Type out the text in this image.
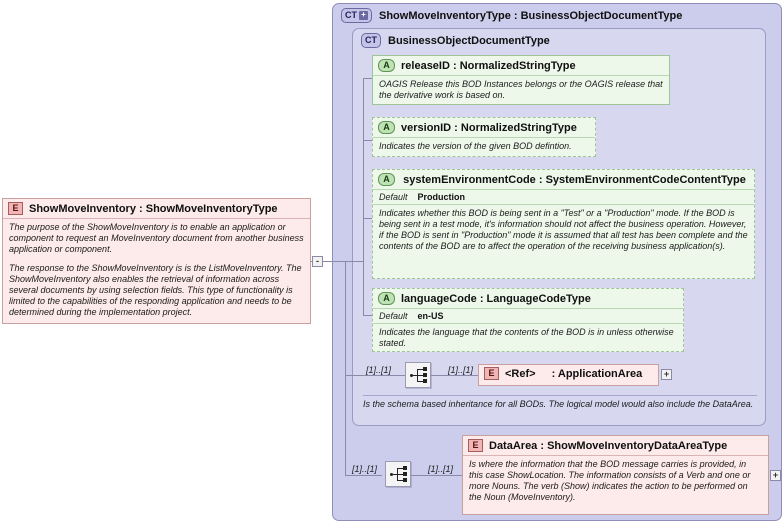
CT + ShowMoveInventoryType : BusinessObjectDocumentType
CT BusinessObjectDocumentType
Is the schema based inheritance for all BODs. The logical model would also include the DataArea.
-
E ShowMoveInventory : ShowMoveInventoryType
The purpose of the ShowMoveInventory is to enable an application or component to request an MoveInventory document from another business application or component.
The response to the ShowMoveInventory is is the ListMoveInventory. The ShowMoveInventory also enables the retrieval of information across several documents by using selection fields. This type of functionality is limited to the capabilities of the responding application and needs to be determined during the implementation project.
A	releaseID : NormalizedStringType
OAGIS Release this BOD Instances belongs or the OAGIS release that the derivative work is based on.
A	versionID : NormalizedStringType
Indicates the version of the given BOD defintion.
A	systemEnvironmentCode : SystemEnvironmentCodeContentType
Default Production
Indicates whether this BOD is being sent in a "Test" or a "Production" mode. If the BOD is being sent in a test mode, it's information should not affect the business operation. However, if the BOD is sent in "Production" mode it is assumed that all test has been complete and the contents of the BOD are to affect the operation of the receiving business application(s).
A	languageCode : LanguageCodeType
Default en-US
Indicates the language that the contents of the BOD is in unless otherwise stated.
[1]..[1]	[1]..[1]	E <Ref> : ApplicationArea	+
[1]..[1]	[1]..[1]
E DataArea : ShowMoveInventoryDataAreaType
Is where the information that the BOD message carries is provided, in this case ShowLocation. The information consists of a Verb and one or more Nouns. The verb (Show) indicates the action to be performed on the Noun (MoveInventory).
+
